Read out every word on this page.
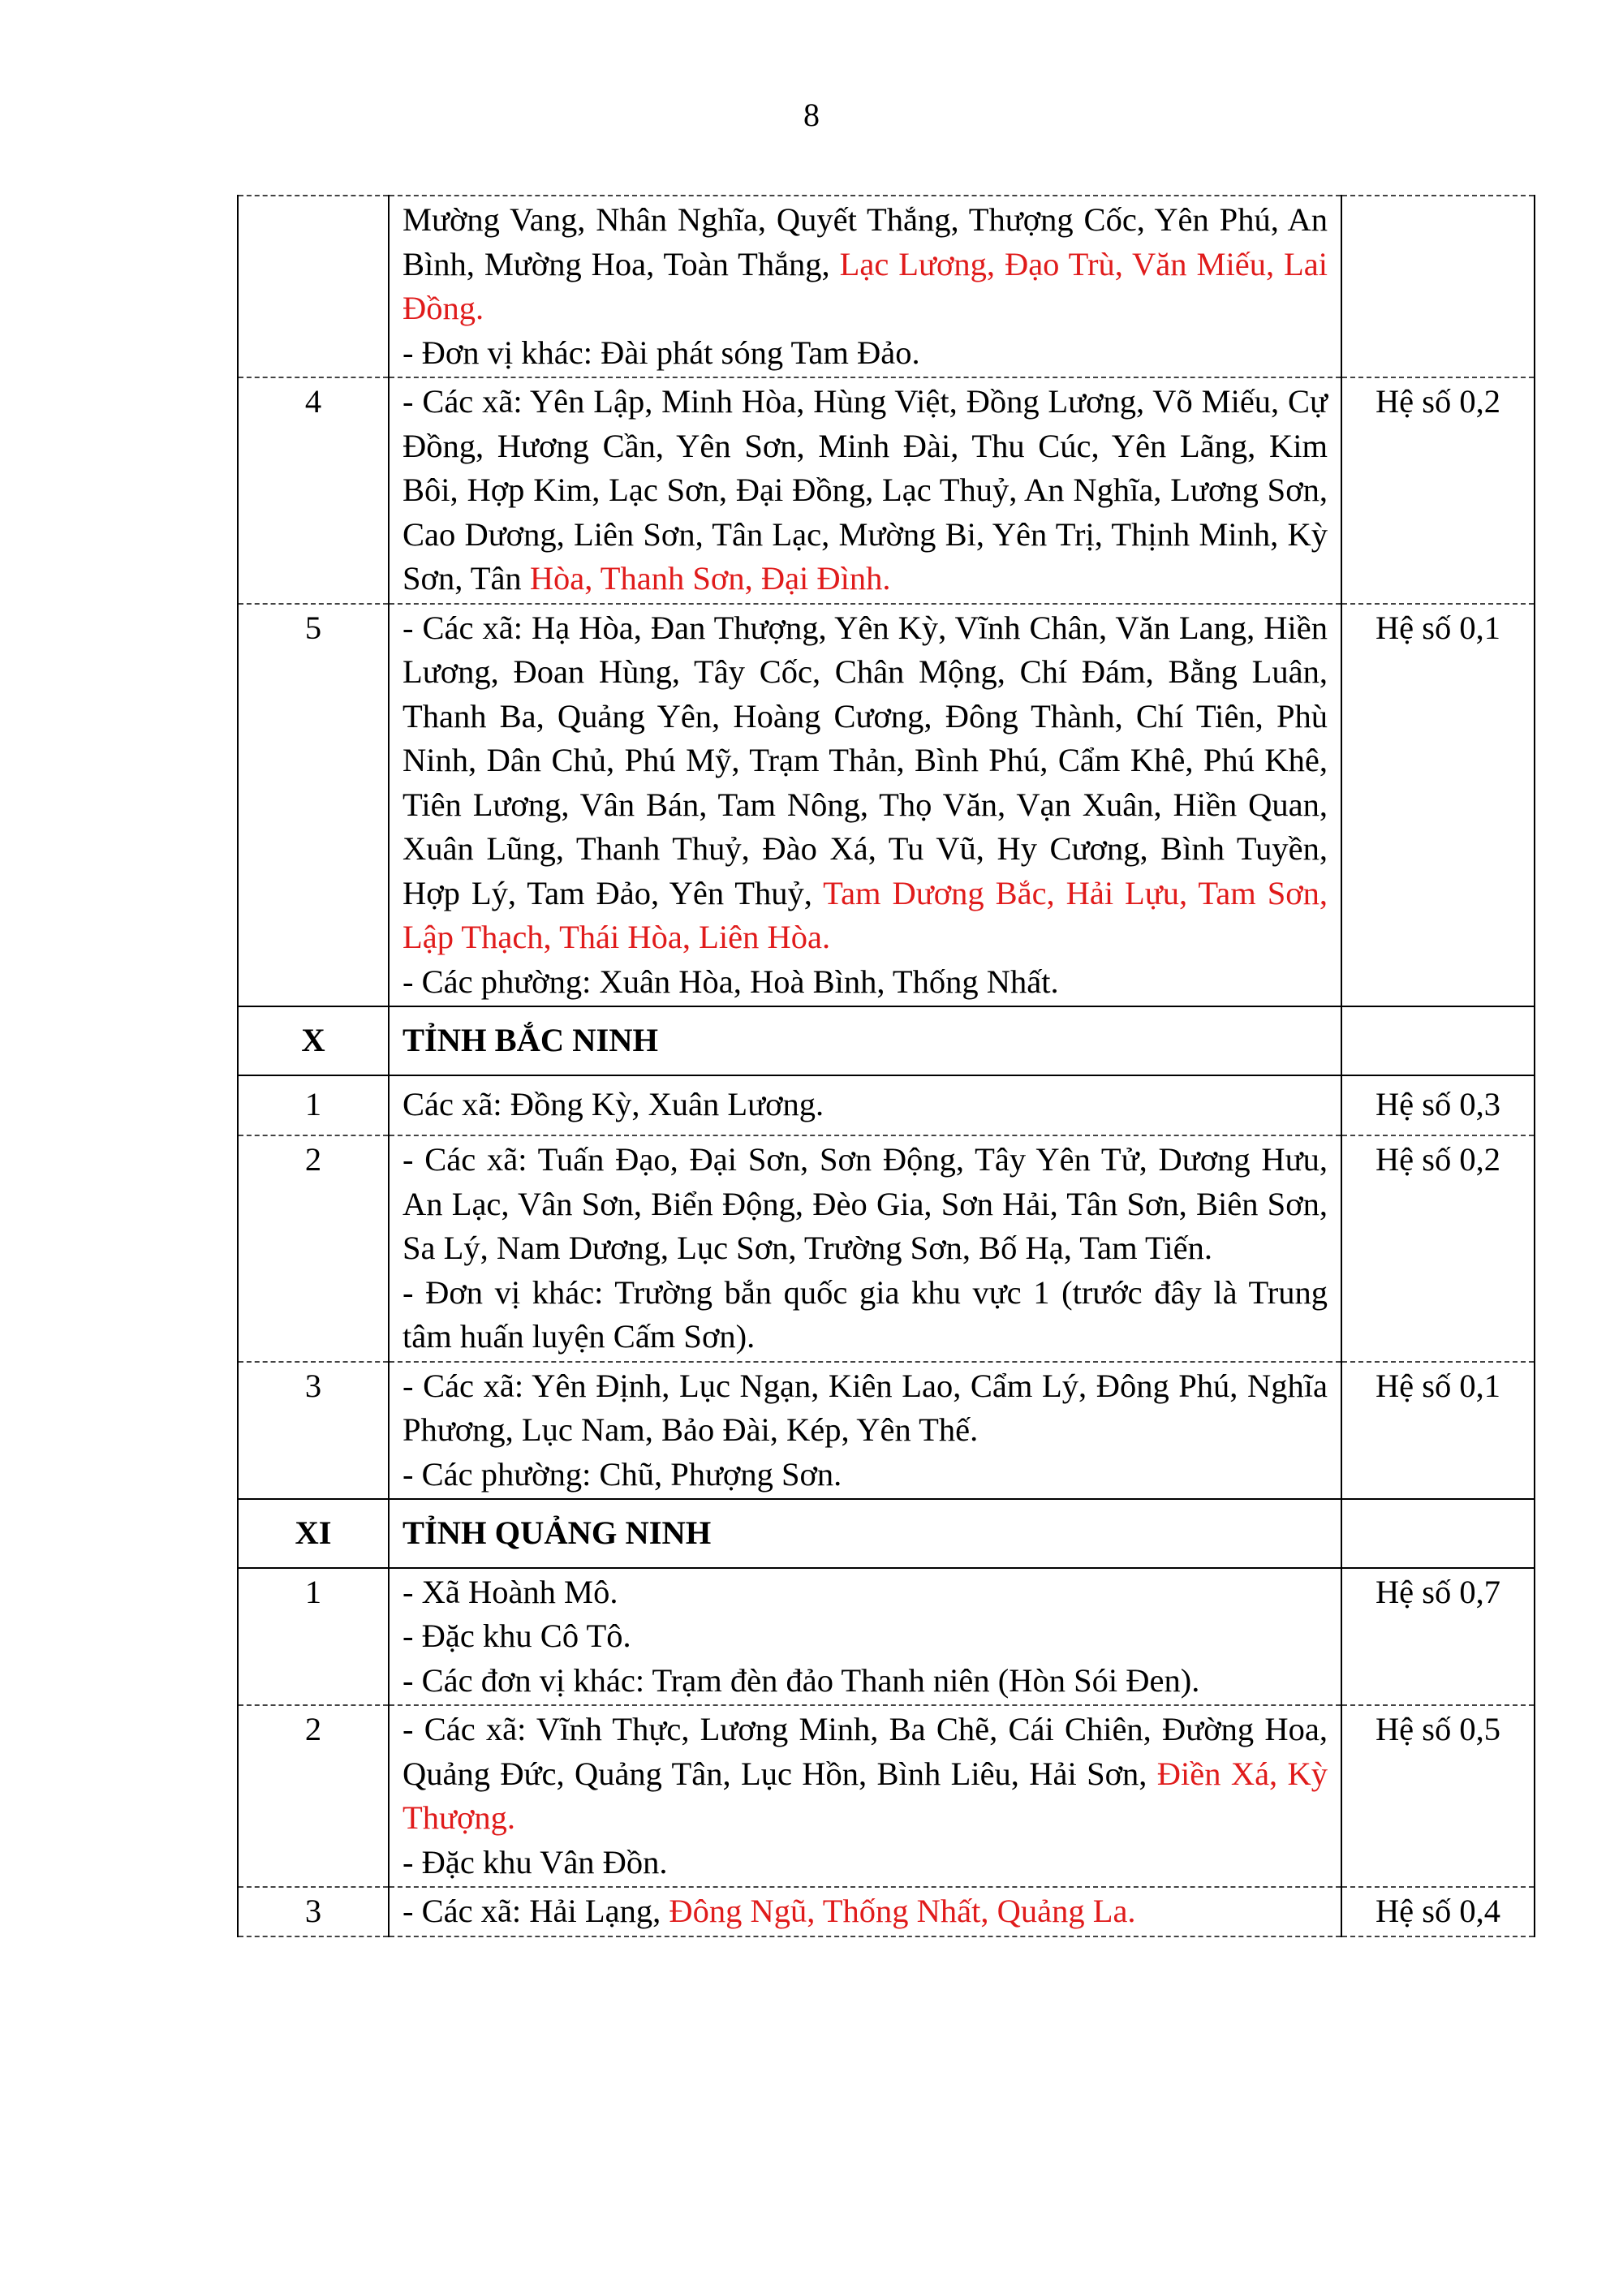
8
	Mường Vang, Nhân Nghĩa, Quyết Thắng, Thượng Cốc, Yên Phú, An Bình, Mường Hoa, Toàn Thắng, Lạc Lương, Đạo Trù, Văn Miếu, Lai Đồng.
- Đơn vị khác: Đài phát sóng Tam Đảo.	

4	- Các xã: Yên Lập, Minh Hòa, Hùng Việt, Đồng Lương, Võ Miếu, Cự Đồng, Hương Cần, Yên Sơn, Minh Đài, Thu Cúc, Yên Lãng, Kim Bôi, Hợp Kim, Lạc Sơn, Đại Đồng, Lạc Thuỷ, An Nghĩa, Lương Sơn, Cao Dương, Liên Sơn, Tân Lạc, Mường Bi, Yên Trị, Thịnh Minh, Kỳ Sơn, Tân Hòa, Thanh Sơn, Đại Đình.	Hệ số 0,2
5	- Các xã: Hạ Hòa, Đan Thượng, Yên Kỳ, Vĩnh Chân, Văn Lang, Hiền Lương, Đoan Hùng, Tây Cốc, Chân Mộng, Chí Đám, Bằng Luân, Thanh Ba, Quảng Yên, Hoàng Cương, Đông Thành, Chí Tiên, Phù Ninh, Dân Chủ, Phú Mỹ, Trạm Thản, Bình Phú, Cẩm Khê, Phú Khê, Tiên Lương, Vân Bán, Tam Nông, Thọ Văn, Vạn Xuân, Hiền Quan, Xuân Lũng, Thanh Thuỷ, Đào Xá, Tu Vũ, Hy Cương, Bình Tuyền, Hợp Lý, Tam Đảo, Yên Thuỷ, Tam Dương Bắc, Hải Lựu, Tam Sơn, Lập Thạch, Thái Hòa, Liên Hòa.
- Các phường: Xuân Hòa, Hoà Bình, Thống Nhất.	Hệ số 0,1
X	TỈNH BẮC NINH	
1	Các xã: Đồng Kỳ, Xuân Lương.	Hệ số 0,3
2	- Các xã: Tuấn Đạo, Đại Sơn, Sơn Động, Tây Yên Tử, Dương Hưu, An Lạc, Vân Sơn, Biển Động, Đèo Gia, Sơn Hải, Tân Sơn, Biên Sơn, Sa Lý, Nam Dương, Lục Sơn, Trường Sơn, Bố Hạ, Tam Tiến.
- Đơn vị khác: Trường bắn quốc gia khu vực 1 (trước đây là Trung tâm huấn luyện Cấm Sơn).	Hệ số 0,2
3	- Các xã: Yên Định, Lục Ngạn, Kiên Lao, Cẩm Lý, Đông Phú, Nghĩa Phương, Lục Nam, Bảo Đài, Kép, Yên Thế.
- Các phường: Chũ, Phượng Sơn.	Hệ số 0,1
XI	TỈNH QUẢNG NINH	
1	- Xã Hoành Mô.
- Đặc khu Cô Tô.
- Các đơn vị khác: Trạm đèn đảo Thanh niên (Hòn Sói Đen).	Hệ số 0,7
2	- Các xã: Vĩnh Thực, Lương Minh, Ba Chẽ, Cái Chiên, Đường Hoa, Quảng Đức, Quảng Tân, Lục Hồn, Bình Liêu, Hải Sơn, Điền Xá, Kỳ Thượng.
- Đặc khu Vân Đồn.	Hệ số 0,5
3	- Các xã: Hải Lạng, Đông Ngũ, Thống Nhất, Quảng La.	Hệ số 0,4
